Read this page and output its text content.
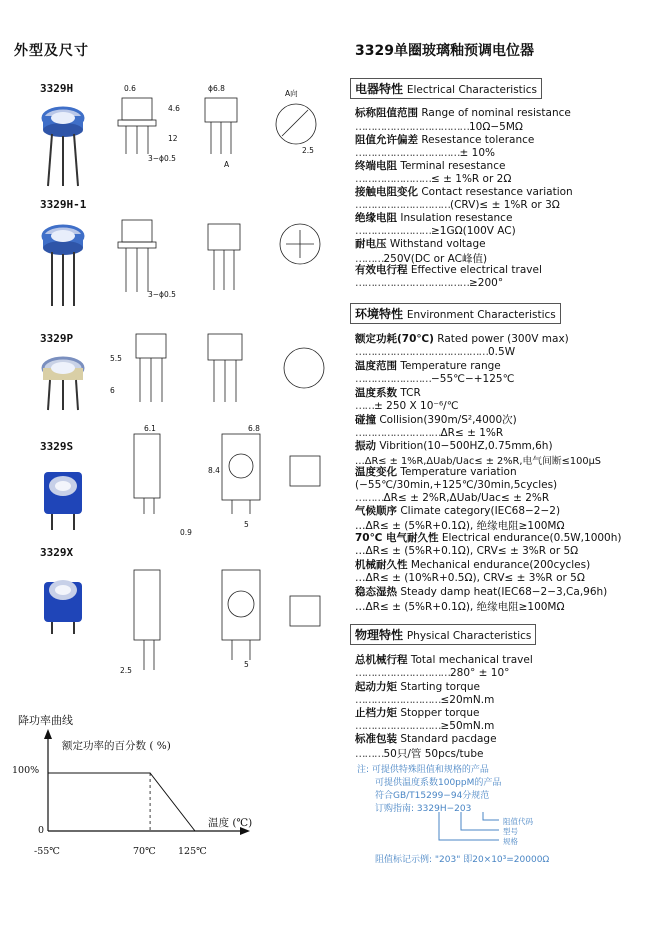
外型及尺寸	3329单圈玻璃釉预调电位器
3329H
3329H-1
3329P
3329S
3329X
0.6	ϕ6.8
4.6
12
2.5
3−ϕ0.5
A
A向
3−ϕ0.5
5.5
6
6.1	6.8
8.4
5
0.9
2.5
5
电器特性 Electrical Characteristics
标称阻值范围 Range of nominal resistance
………………………………10Ω−5MΩ
阻值允许偏差 Resestance tolerance
……………………………± 10%
终端电阻 Terminal resestance
……………………≤ ± 1%R or 2Ω
接触电阻变化 Contact resestance variation
…………………………(CRV)≤ ± 1%R or 3Ω
绝缘电阻 Insulation resestance
……………………≥1GΩ(100V AC)
耐电压 Withstand voltage
………250V(DC or AC峰值)
有效电行程 Effective electrical travel
………………………………≥200°
环境特性 Environment Characteristics
额定功耗(70℃) Rated power (300V max)
……………………………………0.5W
温度范围 Temperature range
……………………−55℃−+125℃
温度系数 TCR
……± 250 X 10⁻⁶/℃
碰撞 Collision(390m/S²,4000次)
………………………ΔR≤ ± 1%R
振动 Vibrition(10−500HZ,0.75mm,6h)
…ΔR≤ ± 1%R,ΔUab/Uac≤ ± 2%R,电气间断≤100μS
温度变化 Temperature variation
(−55℃/30min,+125℃/30min,5cycles)
………ΔR≤ ± 2%R,ΔUab/Uac≤ ± 2%R
气候顺序 Climate category(IEC68−2−2)
…ΔR≤ ± (5%R+0.1Ω), 绝缘电阻≥100MΩ
70℃ 电气耐久性 Electrical endurance(0.5W,1000h)
…ΔR≤ ± (5%R+0.1Ω), CRV≤ ± 3%R or 5Ω
机械耐久性 Mechanical endurance(200cycles)
…ΔR≤ ± (10%R+0.5Ω), CRV≤ ± 3%R or 5Ω
稳态湿热 Steady damp heat(IEC68−2−3,Ca,96h)
…ΔR≤ ± (5%R+0.1Ω), 绝缘电阻≥100MΩ
物理特性 Physical Characteristics
总机械行程 Total mechanical travel
…………………………280° ± 10°
起动力矩 Starting torque
………………………≤20mN.m
止档力矩 Stopper torque
………………………≥50mN.m
标准包装 Standard pacdage
………50只/管 50pcs/tube
注: 可提供特殊阻值和规格的产品
可提供温度系数100ppM的产品
符合GB/T15299−94分规范
订购指南: 3329H−203
阻值代码
型号
规格
阻值标记示例: "203" 即20×10³=20000Ω
降功率曲线
额定功率的百分数 ( %)
温度 (℃)
100%
0
-55℃	70℃ 125℃
